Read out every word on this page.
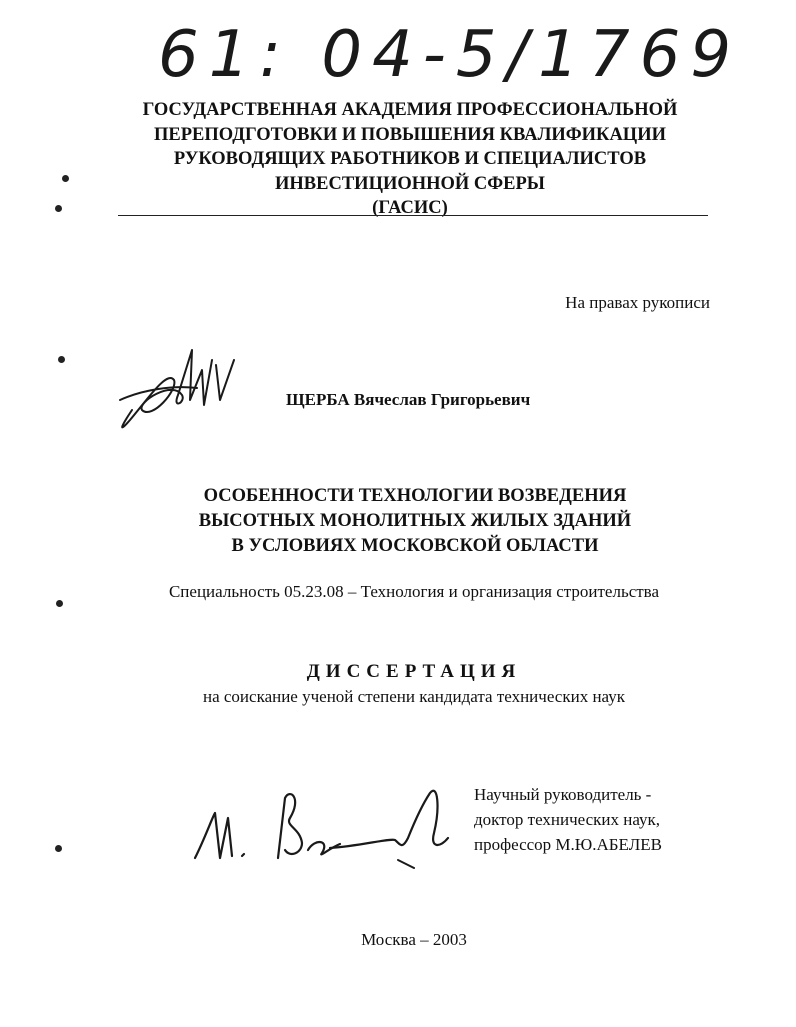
61: 04-5/1769
ГОСУДАРСТВЕННАЯ АКАДЕМИЯ ПРОФЕССИОНАЛЬНОЙ
ПЕРЕПОДГОТОВКИ И ПОВЫШЕНИЯ КВАЛИФИКАЦИИ
РУКОВОДЯЩИХ РАБОТНИКОВ И СПЕЦИАЛИСТОВ
ИНВЕСТИЦИОННОЙ СФЕРЫ
(ГАСИС)
На правах рукописи
ЩЕРБА Вячеслав Григорьевич
ОСОБЕННОСТИ ТЕХНОЛОГИИ ВОЗВЕДЕНИЯ
ВЫСОТНЫХ МОНОЛИТНЫХ ЖИЛЫХ ЗДАНИЙ
В УСЛОВИЯХ МОСКОВСКОЙ ОБЛАСТИ
Специальность 05.23.08 – Технология и организация строительства
ДИССЕРТАЦИЯ
на соискание ученой степени кандидата технических наук
Научный руководитель -
доктор технических наук,
профессор М.Ю.АБЕЛЕВ
Москва – 2003
